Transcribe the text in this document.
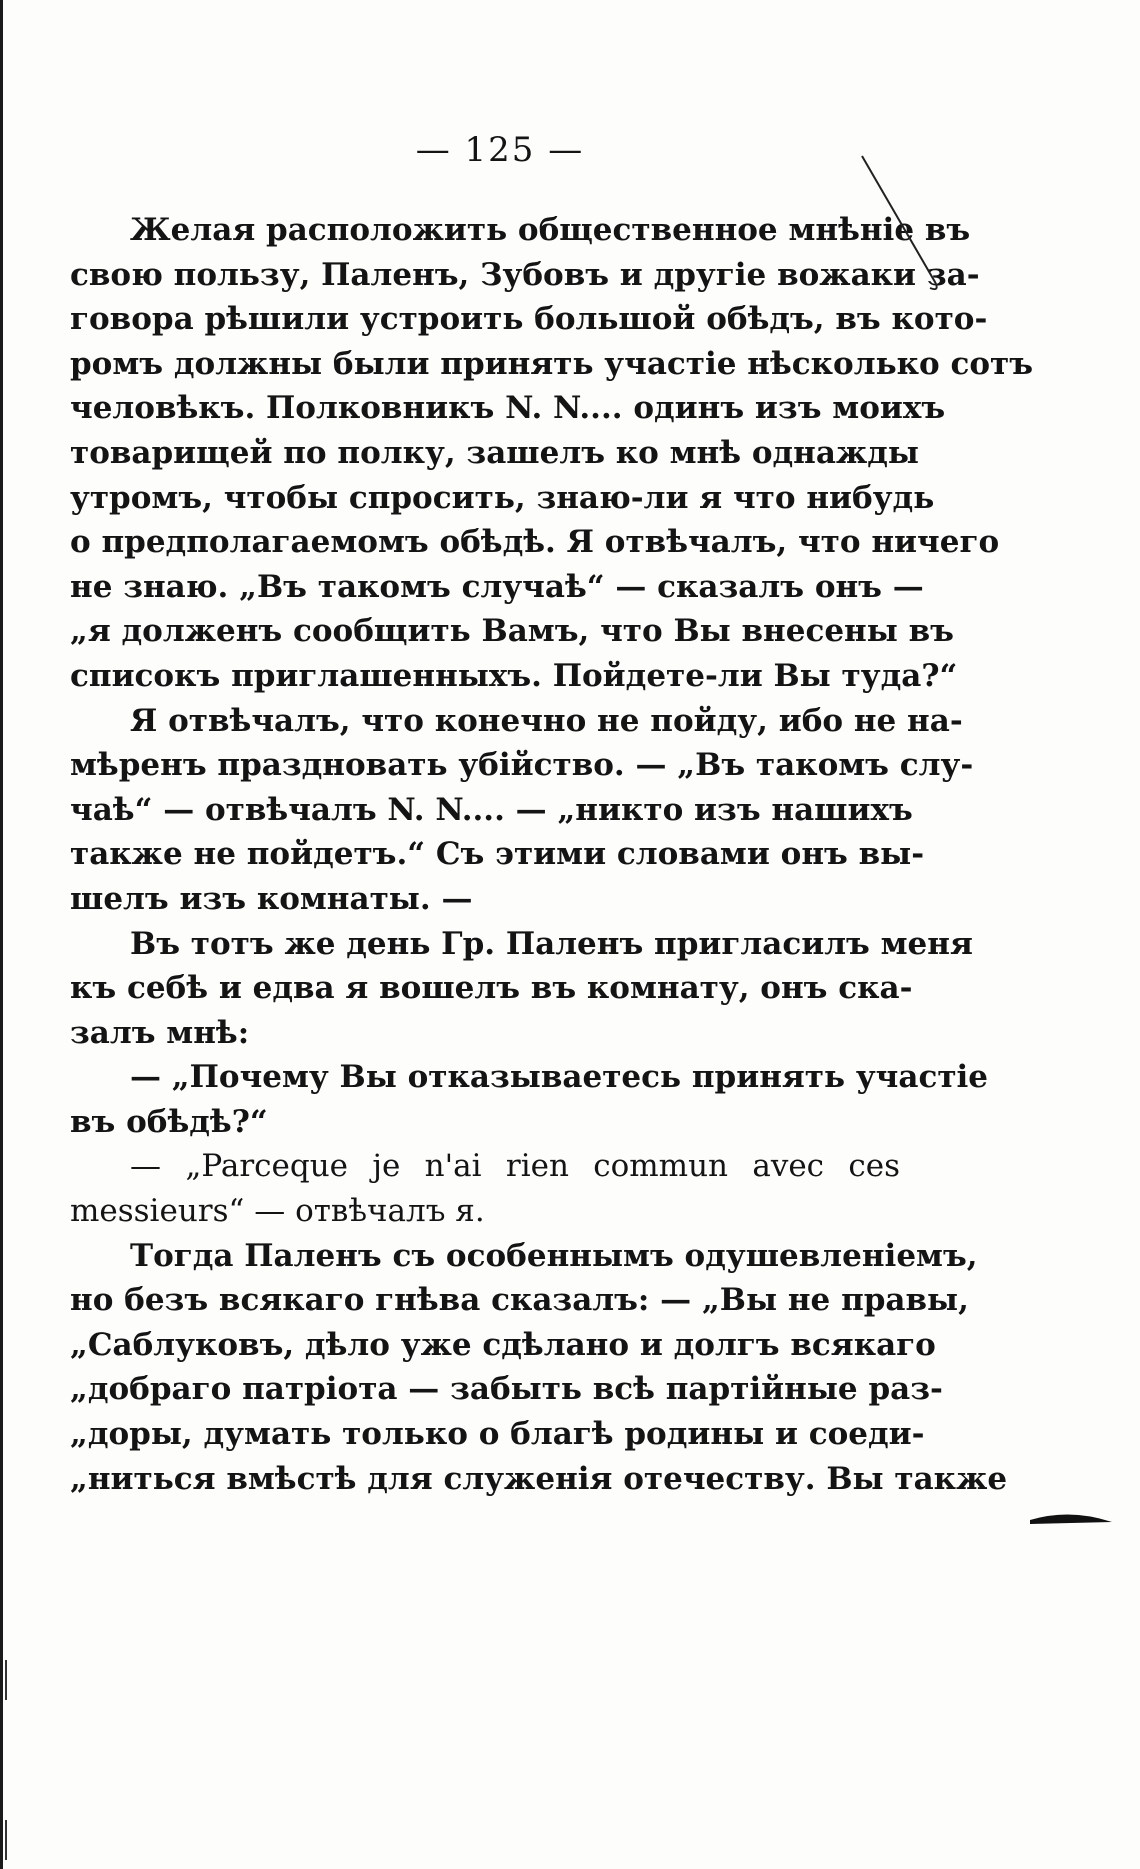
— 125 —
Желая расположить общественное мнѣніе въ
свою пользу, Паленъ, Зубовъ и другіе вожаки за-
говора рѣшили устроить большой обѣдъ, въ кото-
ромъ должны были принять участіе нѣсколько сотъ
человѣкъ. Полковникъ N. N.... одинъ изъ моихъ
товарищей по полку, зашелъ ко мнѣ однажды
утромъ, чтобы спросить, знаю-ли я что нибудь
о предполагаемомъ обѣдѣ. Я отвѣчалъ, что ничего
не знаю. „Въ такомъ случаѣ“ — сказалъ онъ —
„я долженъ сообщить Вамъ, что Вы внесены въ
списокъ приглашенныхъ. Пойдете-ли Вы туда?“
Я отвѣчалъ, что конечно не пойду, ибо не на-
мѣренъ праздновать убійство. — „Въ такомъ слу-
чаѣ“ — отвѣчалъ N. N.... — „никто изъ нашихъ
также не пойдетъ.“ Съ этими словами онъ вы-
шелъ изъ комнаты. —
Въ тотъ же день Гр. Паленъ пригласилъ меня
къ себѣ и едва я вошелъ въ комнату, онъ ска-
залъ мнѣ:
— „Почему Вы отказываетесь принять участіе
въ обѣдѣ?“
— „Parceque je n'ai rien commun avec ces
messieurs“ — отвѣчалъ я.
Тогда Паленъ съ особеннымъ одушевленіемъ,
но безъ всякаго гнѣва сказалъ: — „Вы не правы,
„Саблуковъ, дѣло уже сдѣлано и долгъ всякаго
„добраго патріота — забыть всѣ партійные раз-
„доры, думать только о благѣ родины и соеди-
„ниться вмѣстѣ для служенія отечеству. Вы также
